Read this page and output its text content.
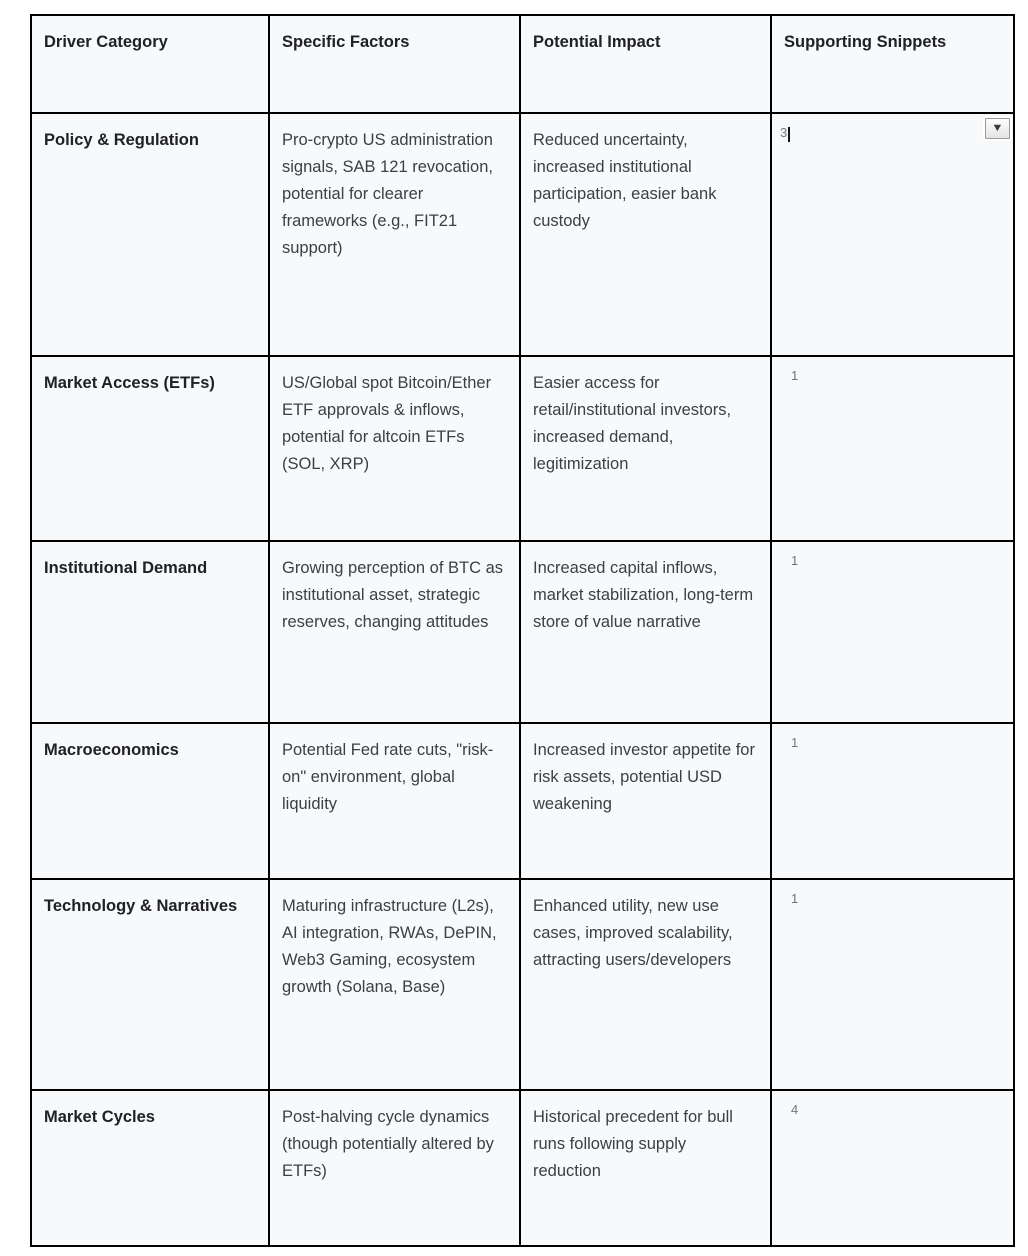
Driver Category	Specific Factors	Potential Impact	Supporting Snippets
Policy & Regulation	Pro-crypto US administration signals, SAB 121 revocation, potential for clearer frameworks (e.g., FIT21 support)	Reduced uncertainty, increased institutional participation, easier bank custody	3 ▼

Market Access (ETFs)	US/Global spot Bitcoin/Ether ETF approvals & inflows, potential for altcoin ETFs (SOL, XRP)	Easier access for retail/institutional investors, increased demand, legitimization	1
Institutional Demand	Growing perception of BTC as institutional asset, strategic reserves, changing attitudes	Increased capital inflows, market stabilization, long-term store of value narrative	1
Macroeconomics	Potential Fed rate cuts, "risk-on" environment, global liquidity	Increased investor appetite for risk assets, potential USD weakening	1
Technology & Narratives	Maturing infrastructure (L2s), AI integration, RWAs, DePIN, Web3 Gaming, ecosystem growth (Solana, Base)	Enhanced utility, new use cases, improved scalability, attracting users/developers	1
Market Cycles	Post-halving cycle dynamics (though potentially altered by ETFs)	Historical precedent for bull runs following supply reduction	4
